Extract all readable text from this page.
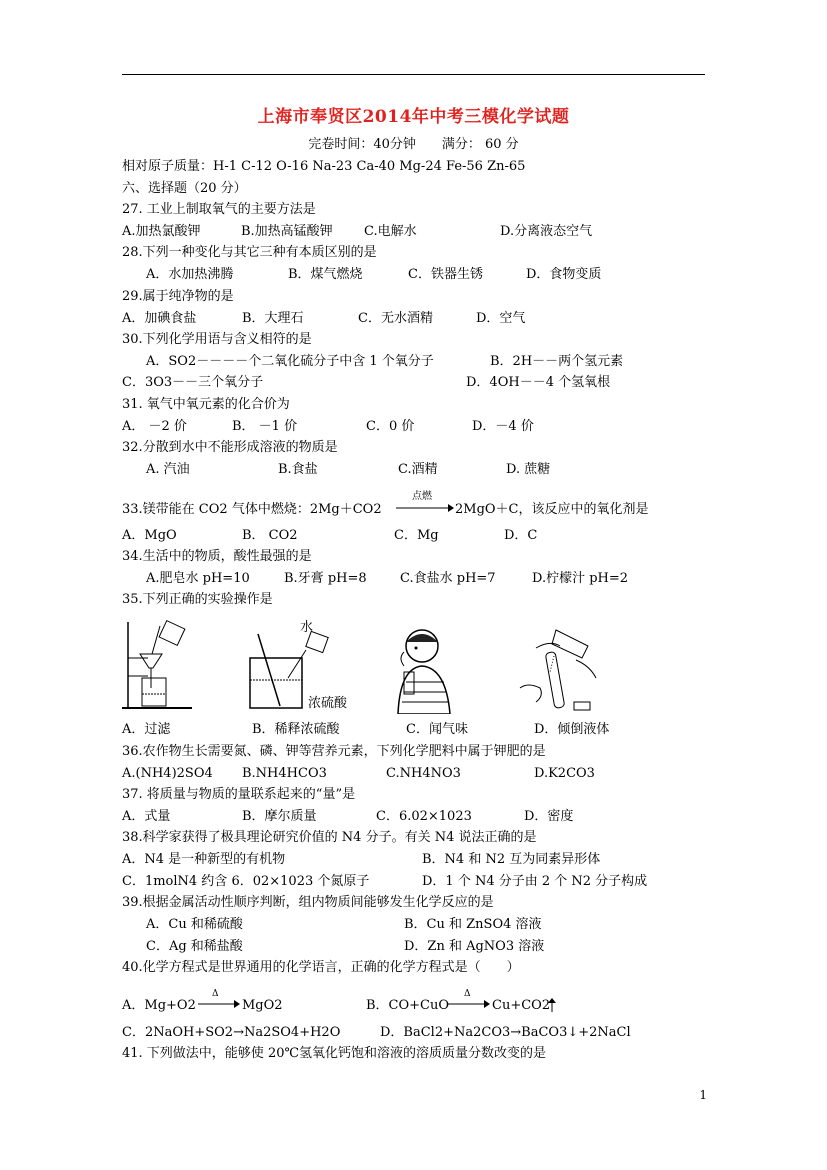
上海市奉贤区2014年中考三模化学试题
完卷时间：40分钟　　满分： 60 分
相对原子质量：H-1 C-12 O-16 Na-23 Ca-40 Mg-24 Fe-56 Zn-65
六、选择题（20 分）
27. 工业上制取氧气的主要方法是
A.加热氯酸钾	B.加热高锰酸钾 C.电解水	D.分离液态空气
28.下列一种变化与其它三种有本质区别的是
A．水加热沸腾	B．煤气燃烧	C．铁器生锈	D．食物变质
29.属于纯净物的是
A．加碘食盐	B．大理石	C．无水酒精	D．空气
30.下列化学用语与含义相符的是
A．SO2－－－－个二氧化硫分子中含 1 个氧分子	B．2H－－两个氢元素
C．3O3－－三个氧分子	D．4OH－－4 个氢氧根
31. 氧气中氧元素的化合价为
A． －2 价	B． －1 价	C．0 价	D．－4 价
32.分散到水中不能形成溶液的物质是
A. 汽油	B.食盐	C.酒精	D. 蔗糖
33.镁带能在 CO2 气体中燃烧：2Mg＋CO2
点燃
2MgO＋C，该反应中的氧化剂是
A．MgO	B． CO2	C．Mg	D．C
34.生活中的物质，酸性最强的是
A.肥皂水 pH=10	B.牙膏 pH=8	C.食盐水 pH=7	D.柠檬汁 pH=2
35.下列正确的实验操作是
水
浓硫酸
A．过滤	B．稀释浓硫酸	C．闻气味	D．倾倒液体
36.农作物生长需要氮、磷、钾等营养元素，下列化学肥料中属于钾肥的是
A.(NH4)2SO4 B.NH4HCO3	C.NH4NO3	D.K2CO3
37. 将质量与物质的量联系起来的“量”是
A．式量	B．摩尔质量	C．6.02×1023	D．密度
38.科学家获得了极具理论研究价值的 N4 分子。有关 N4 说法正确的是
A．N4 是一种新型的有机物	B．N4 和 N2 互为同素异形体
C．1molN4 约含 6．02×1023 个氮原子	D．1 个 N4 分子由 2 个 N2 分子构成
39.根据金属活动性顺序判断，组内物质间能够发生化学反应的是
A．Cu 和稀硫酸	B．Cu 和 ZnSO4 溶液
C．Ag 和稀盐酸	D．Zn 和 AgNO3 溶液
40.化学方程式是世界通用的化学语言，正确的化学方程式是（　　）
A．Mg+O2
Δ
MgO2	B．CO+CuO
Δ
Cu+CO2
C．2NaOH+SO2→Na2SO4+H2O	D．BaCl2+Na2CO3→BaCO3↓+2NaCl
41. 下列做法中，能够使 20℃氢氧化钙饱和溶液的溶质质量分数改变的是
1
